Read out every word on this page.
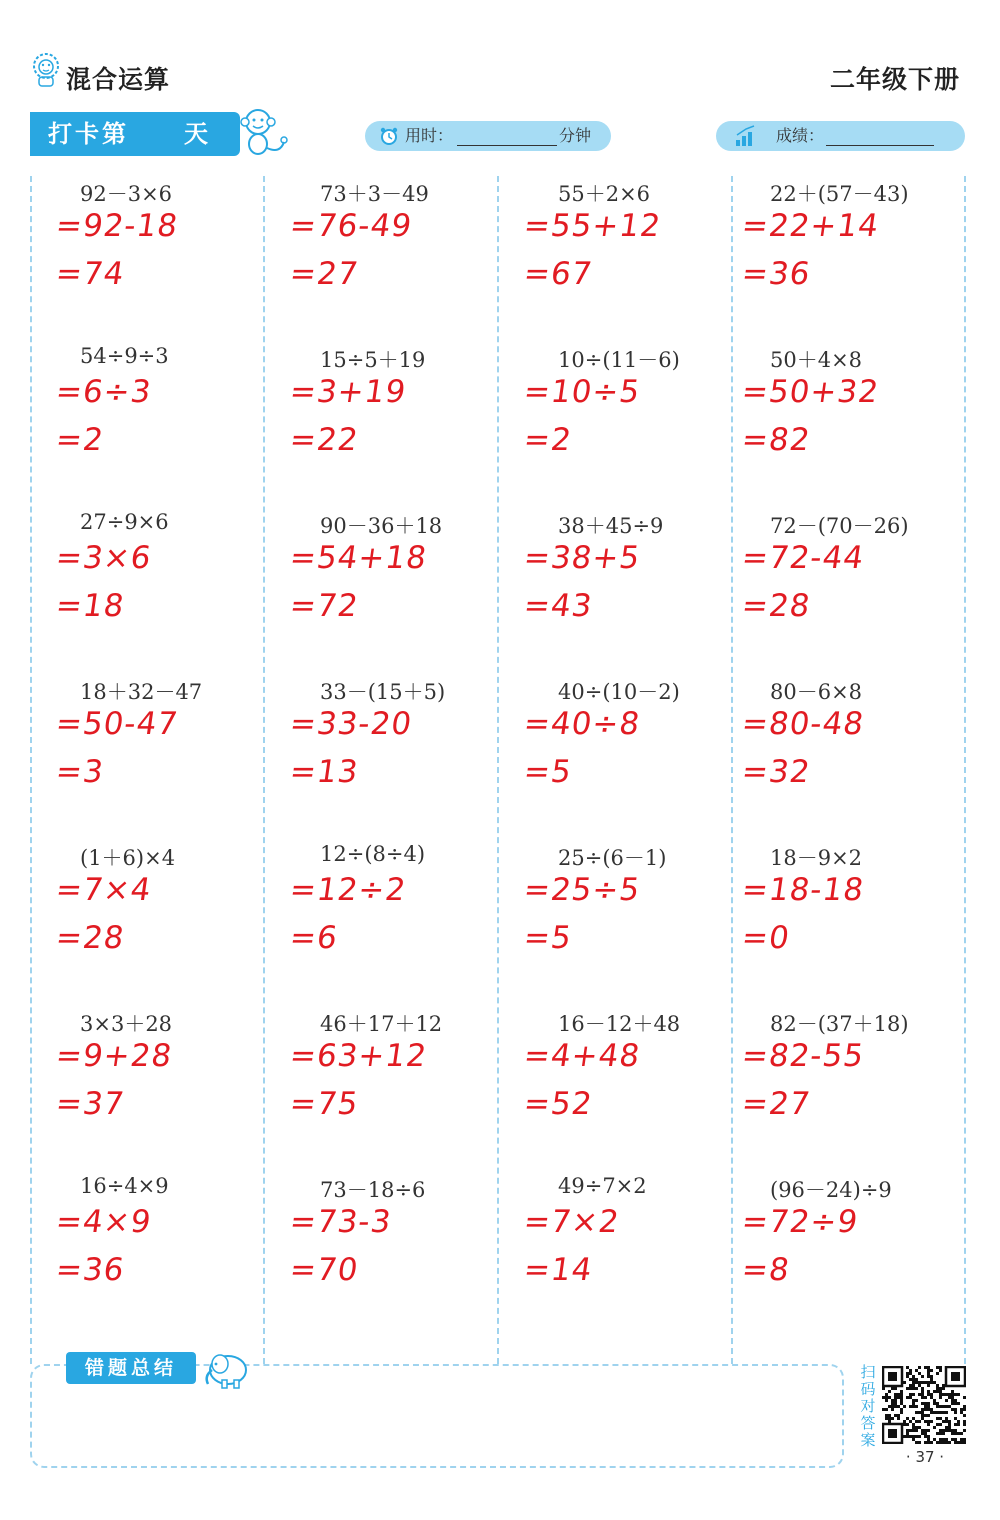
混合运算	二年级下册
打卡第 天	用时：	分钟	成绩：
92－3×6
=92-18
=74
54÷9÷3
=6÷3
=2
27÷9×6
=3×6
=18
18＋32－47
=50-47
=3
(1＋6)×4
=7×4
=28
3×3＋28
=9+28
=37
16÷4×9
=4×9
=36
73＋3－49
=76-49
=27
15÷5＋19
=3+19
=22
90－36＋18
=54+18
=72
33－(15＋5)
=33-20
=13
12÷(8÷4)
=12÷2
=6
46＋17＋12
=63+12
=75
73－18÷6
=73-3
=70
55＋2×6
=55+12
=67
10÷(11－6)
=10÷5
=2
38＋45÷9
=38+5
=43
40÷(10－2)
=40÷8
=5
25÷(6－1)
=25÷5
=5
16－12＋48
=4+48
=52
49÷7×2
=7×2
=14
22＋(57－43)
=22+14
=36
50＋4×8
=50+32
=82
72－(70－26)
=72-44
=28
80－6×8
=80-48
=32
18－9×2
=18-18
=0
82－(37＋18)
=82-55
=27
(96－24)÷9
=72÷9
=8
错题总结	扫码对答案
· 37 ·
